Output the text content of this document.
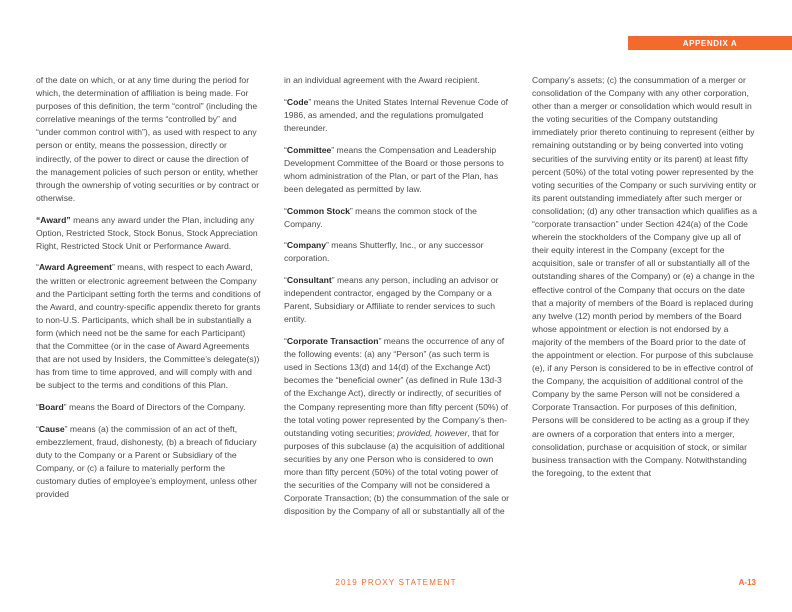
APPENDIX A

of the date on which, or at any time during the period for which, the determination of affiliation is being made. For purposes of this definition, the term “control” (including the correlative meanings of the terms “controlled by” and “under common control with”), as used with respect to any person or entity, means the possession, directly or indirectly, of the power to direct or cause the direction of the management policies of such person or entity, whether through the ownership of voting securities or by contract or otherwise.

“Award” means any award under the Plan, including any Option, Restricted Stock, Stock Bonus, Stock Appreciation Right, Restricted Stock Unit or Performance Award.

“Award Agreement” means, with respect to each Award, the written or electronic agreement between the Company and the Participant setting forth the terms and conditions of the Award, and country-specific appendix thereto for grants to non-U.S. Participants, which shall be in substantially a form (which need not be the same for each Participant) that the Committee (or in the case of Award Agreements that are not used by Insiders, the Committee’s delegate(s)) has from time to time approved, and will comply with and be subject to the terms and conditions of this Plan.

“Board” means the Board of Directors of the Company.

“Cause” means (a) the commission of an act of theft, embezzlement, fraud, dishonesty, (b) a breach of fiduciary duty to the Company or a Parent or Subsidiary of the Company, or (c) a failure to materially perform the customary duties of employee’s employment, unless other provided

in an individual agreement with the Award recipient.

“Code” means the United States Internal Revenue Code of 1986, as amended, and the regulations promulgated thereunder.

“Committee” means the Compensation and Leadership Development Committee of the Board or those persons to whom administration of the Plan, or part of the Plan, has been delegated as permitted by law.

“Common Stock” means the common stock of the Company.

“Company” means Shutterfly, Inc., or any successor corporation.

“Consultant” means any person, including an advisor or independent contractor, engaged by the Company or a Parent, Subsidiary or Affiliate to render services to such entity.

“Corporate Transaction” means the occurrence of any of the following events: (a) any “Person” (as such term is used in Sections 13(d) and 14(d) of the Exchange Act) becomes the “beneficial owner” (as defined in Rule 13d-3 of the Exchange Act), directly or indirectly, of securities of the Company representing more than fifty percent (50%) of the total voting power represented by the Company’s then-outstanding voting securities; provided, however, that for purposes of this subclause (a) the acquisition of additional securities by any one Person who is considered to own more than fifty percent (50%) of the total voting power of the securities of the Company will not be considered a Corporate Transaction; (b) the consummation of the sale or disposition by the Company of all or substantially all of the

Company’s assets; (c) the consummation of a merger or consolidation of the Company with any other corporation, other than a merger or consolidation which would result in the voting securities of the Company outstanding immediately prior thereto continuing to represent (either by remaining outstanding or by being converted into voting securities of the surviving entity or its parent) at least fifty percent (50%) of the total voting power represented by the voting securities of the Company or such surviving entity or its parent outstanding immediately after such merger or consolidation; (d) any other transaction which qualifies as a “corporate transaction” under Section 424(a) of the Code wherein the stockholders of the Company give up all of their equity interest in the Company (except for the acquisition, sale or transfer of all or substantially all of the outstanding shares of the Company) or (e) a change in the effective control of the Company that occurs on the date that a majority of members of the Board is replaced during any twelve (12) month period by members of the Board whose appointment or election is not endorsed by a majority of the members of the Board prior to the date of the appointment or election. For purpose of this subclause (e), if any Person is considered to be in effective control of the Company, the acquisition of additional control of the Company by the same Person will not be considered a Corporate Transaction. For purposes of this definition, Persons will be considered to be acting as a group if they are owners of a corporation that enters into a merger, consolidation, purchase or acquisition of stock, or similar business transaction with the Company. Notwithstanding the foregoing, to the extent that

2019 PROXY STATEMENT	A-13
